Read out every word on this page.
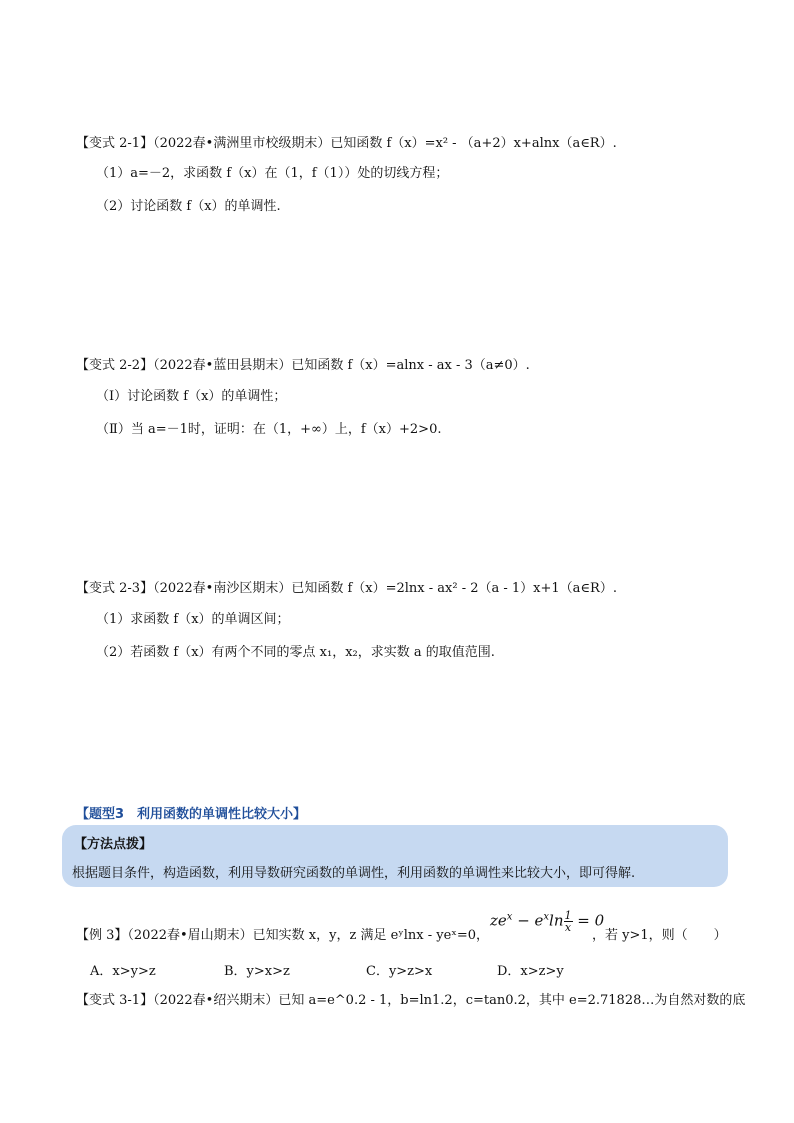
【变式 2-1】（2022春•满洲里市校级期末）已知函数 f（x）=x² - （a+2）x+alnx（a∈R）.
（1）a=－2，求函数 f（x）在（1，f（1））处的切线方程；
（2）讨论函数 f（x）的单调性.
【变式 2-2】（2022春•蓝田县期末）已知函数 f（x）=alnx - ax - 3（a≠0）.
（Ⅰ）讨论函数 f（x）的单调性；
（Ⅱ）当 a=－1时，证明：在（1，+∞）上，f（x）+2>0.
【变式 2-3】（2022春•南沙区期末）已知函数 f（x）=2lnx - ax² - 2（a - 1）x+1（a∈R）.
（1）求函数 f（x）的单调区间；
（2）若函数 f（x）有两个不同的零点 x₁，x₂，求实数 a 的取值范围.
【题型3　利用函数的单调性比较大小】
【方法点拨】
根据题目条件，构造函数，利用导数研究函数的单调性，利用函数的单调性来比较大小，即可得解.
【例 3】（2022春•眉山期末）已知实数 x，y，z 满足 eʸlnx - yeˣ=0，
$ze^x - e^x\ln \frac{1}{x} = 0$
，若 y>1，则（　　）
A．x>y>z	B．y>x>z	C．y>z>x	D．x>z>y
【变式 3-1】（2022春•绍兴期末）已知 a=e^0.2 - 1，b=ln1.2，c=tan0.2，其中 e=2.71828…为自然对数的底
